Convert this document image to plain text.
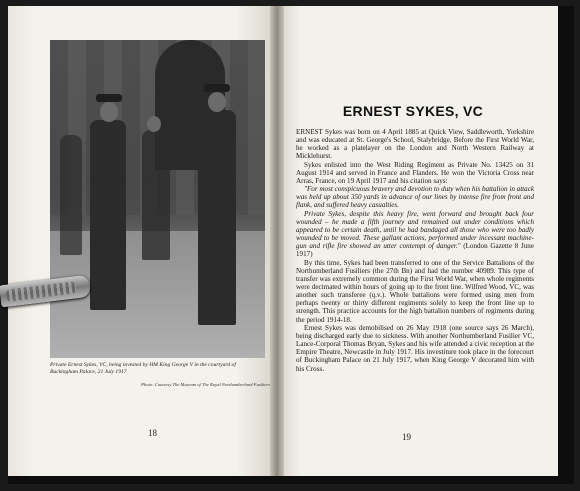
Private Ernest Sykes, VC, being invested by HM King George V in the courtyard of Buckingham Palace, 21 July 1917
Photo: Courtesy The Museum of The Royal Northumberland Fusiliers
18
ERNEST SYKES, VC

ERNEST Sykes was born on 4 April 1885 at Quick View, Saddleworth, Yorkshire and was educated at St. George's School, Stalybridge. Before the First World War, he worked as a platelayer on the London and North Western Railway at Micklehurst.

Sykes enlisted into the West Riding Regiment as Private No. 13425 on 31 August 1914 and served in France and Flanders. He won the Victoria Cross near Arras, France, on 19 April 1917 and his citation says:

"For most conspicuous bravery and devotion to duty when his battalion in attack was held up about 350 yards in advance of our lines by intense fire from front and flank, and suffered heavy casualties.

Private Sykes, despite this heavy fire, went forward and brought back four wounded – he made a fifth journey and remained out under conditions which appeared to be certain death, until he had bandaged all those who were too badly wounded to be moved. These gallant actions, performed under incessant machine-gun and rifle fire showed an utter contempt of danger." (London Gazette 8 June 1917)

By this time, Sykes had been transferred to one of the Service Battalions of the Northumberland Fusiliers (the 27th Bn) and had the number 40989. This type of transfer was extremely common during the First World War, when whole regiments were decimated within hours of going up to the front line. Wilfred Wood, VC, was another such transferee (q.v.). Whole battalions were formed using men from perhaps twenty or thirty different regiments solely to keep the front line up to strength. This practice accounts for the high battalion numbers of regiments during the period 1914-18.

Ernest Sykes was demobilised on 26 May 1918 (one source says 26 March), being discharged early due to sickness. With another Northumberland Fusilier VC, Lance-Corporal Thomas Bryan, Sykes and his wife attended a civic reception at the Empire Theatre, Newcastle in July 1917. His investiture took place in the forecourt of Buckingham Palace on 21 July 1917, when King George V decorated him with his Cross.

19
